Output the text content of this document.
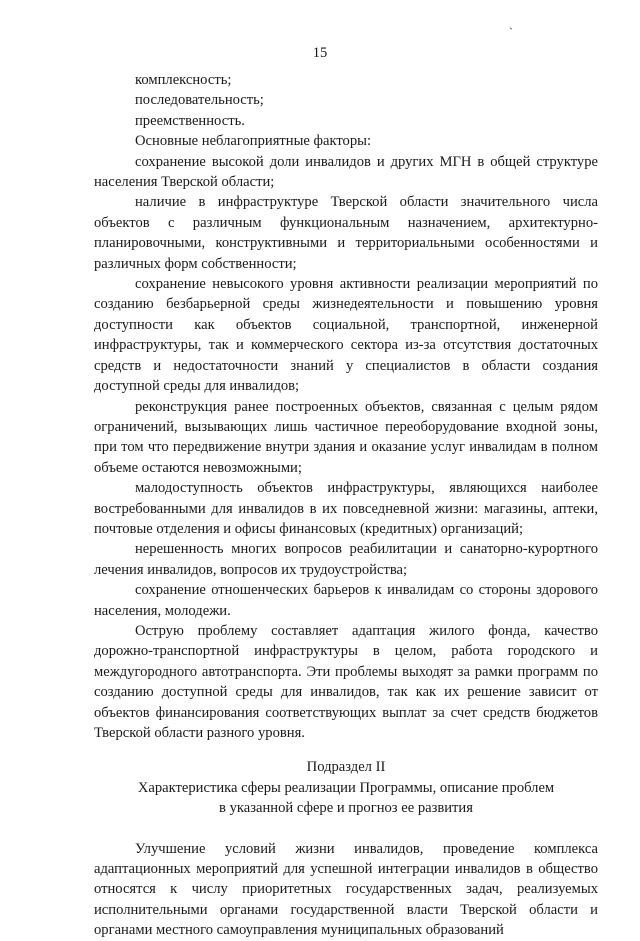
`
15

комплексность;

последовательность;

преемственность.

Основные неблагоприятные факторы:

сохранение высокой доли инвалидов и других МГН в общей структуре населения Тверской области;

наличие в инфраструктуре Тверской области значительного числа объектов с различным функциональным назначением, архитектурно-планировочными, конструктивными и территориальными особенностями и различных форм собственности;

сохранение невысокого уровня активности реализации мероприятий по созданию безбарьерной среды жизнедеятельности и повышению уровня доступности как объектов социальной, транспортной, инженерной инфраструктуры, так и коммерческого сектора из-за отсутствия достаточных средств и недостаточности знаний у специалистов в области создания доступной среды для инвалидов;

реконструкция ранее построенных объектов, связанная с целым рядом ограничений, вызывающих лишь частичное переоборудование входной зоны, при том что передвижение внутри здания и оказание услуг инвалидам в полном объеме остаются невозможными;

малодоступность объектов инфраструктуры, являющихся наиболее востребованными для инвалидов в их повседневной жизни: магазины, аптеки, почтовые отделения и офисы финансовых (кредитных) организаций;

нерешенность многих вопросов реабилитации и санаторно-курортного лечения инвалидов, вопросов их трудоустройства;

сохранение отношенческих барьеров к инвалидам со стороны здорового населения, молодежи.

Острую проблему составляет адаптация жилого фонда, качество дорожно-транспортной инфраструктуры в целом, работа городского и междугородного автотранспорта. Эти проблемы выходят за рамки программ по созданию доступной среды для инвалидов, так как их решение зависит от объектов финансирования соответствующих выплат за счет средств бюджетов Тверской области разного уровня.

Подраздел II

Характеристика сферы реализации Программы, описание проблем

в указанной сфере и прогноз ее развития

Улучшение условий жизни инвалидов, проведение комплекса адаптационных мероприятий для успешной интеграции инвалидов в общество относятся к числу приоритетных государственных задач, реализуемых исполнительными органами государственной власти Тверской области и органами местного самоуправления муниципальных образований
